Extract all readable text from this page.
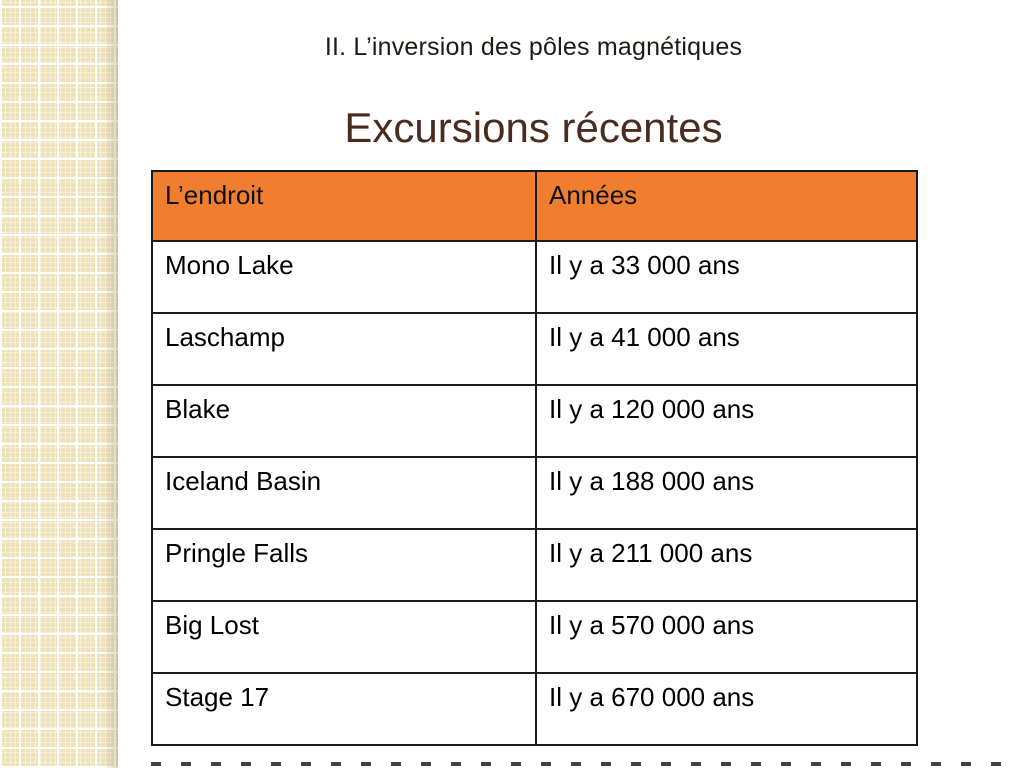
II. L’inversion des pôles magnétiques
Excursions récentes
L’endroit	Années
Mono Lake	Il y a 33 000 ans
Laschamp	Il y a 41 000 ans
Blake	Il y a 120 000 ans
Iceland Basin	Il y a 188 000 ans
Pringle Falls	Il y a 211 000 ans
Big Lost	Il y a 570 000 ans
Stage 17	Il y a 670 000 ans
